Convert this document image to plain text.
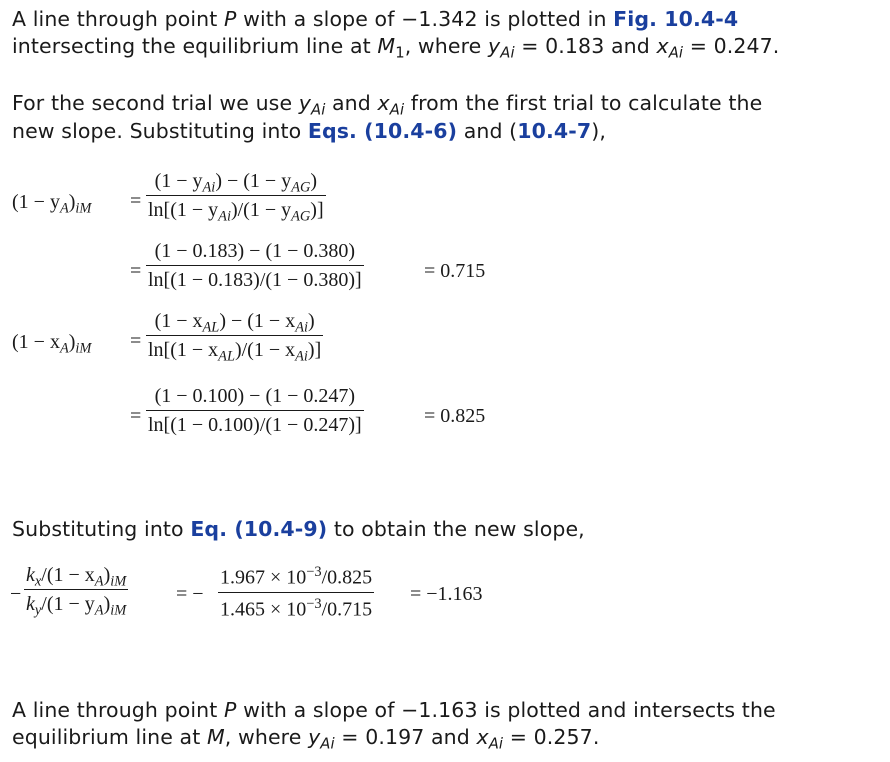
A line through point P with a slope of −1.342 is plotted in Fig. 10.4-4
intersecting the equilibrium line at $M_1$, where $y_{Ai} = 0.183$ and $x_{Ai} = 0.247$.
For the second trial we use $y_{Ai}$ and $x_{Ai}$ from the first trial to calculate the
new slope. Substituting into Eqs. (10.4-6) and (10.4-7),
$(1 - y_A)_{iM}$ =
$(1 - y_{Ai}) - (1 - y_{AG})$
$\ln[(1 - y_{Ai})/(1 - y_{AG})]$
=
(1 − 0.183) − (1 − 0.380)
ln[(1 − 0.183)/(1 − 0.380)]	= 0.715
$(1 - x_A)_{iM}$ =
$(1 - x_{AL}) - (1 - x_{Ai})$
$\ln[(1 - x_{AL})/(1 - x_{Ai})]$
=
(1 − 0.100) − (1 − 0.247)
ln[(1 − 0.100)/(1 − 0.247)]	= 0.825
Substituting into Eq. (10.4-9) to obtain the new slope,
−
$k_x/(1 - x_A)_{iM}$
$k_y/(1 - y_A)_{iM}$
= −
$1.967 \times 10^{-3}/0.825$
$1.465 \times 10^{-3}/0.715$
= −1.163
A line through point P with a slope of −1.163 is plotted and intersects the
equilibrium line at M, where $y_{Ai} = 0.197$ and $x_{Ai} = 0.257$.
